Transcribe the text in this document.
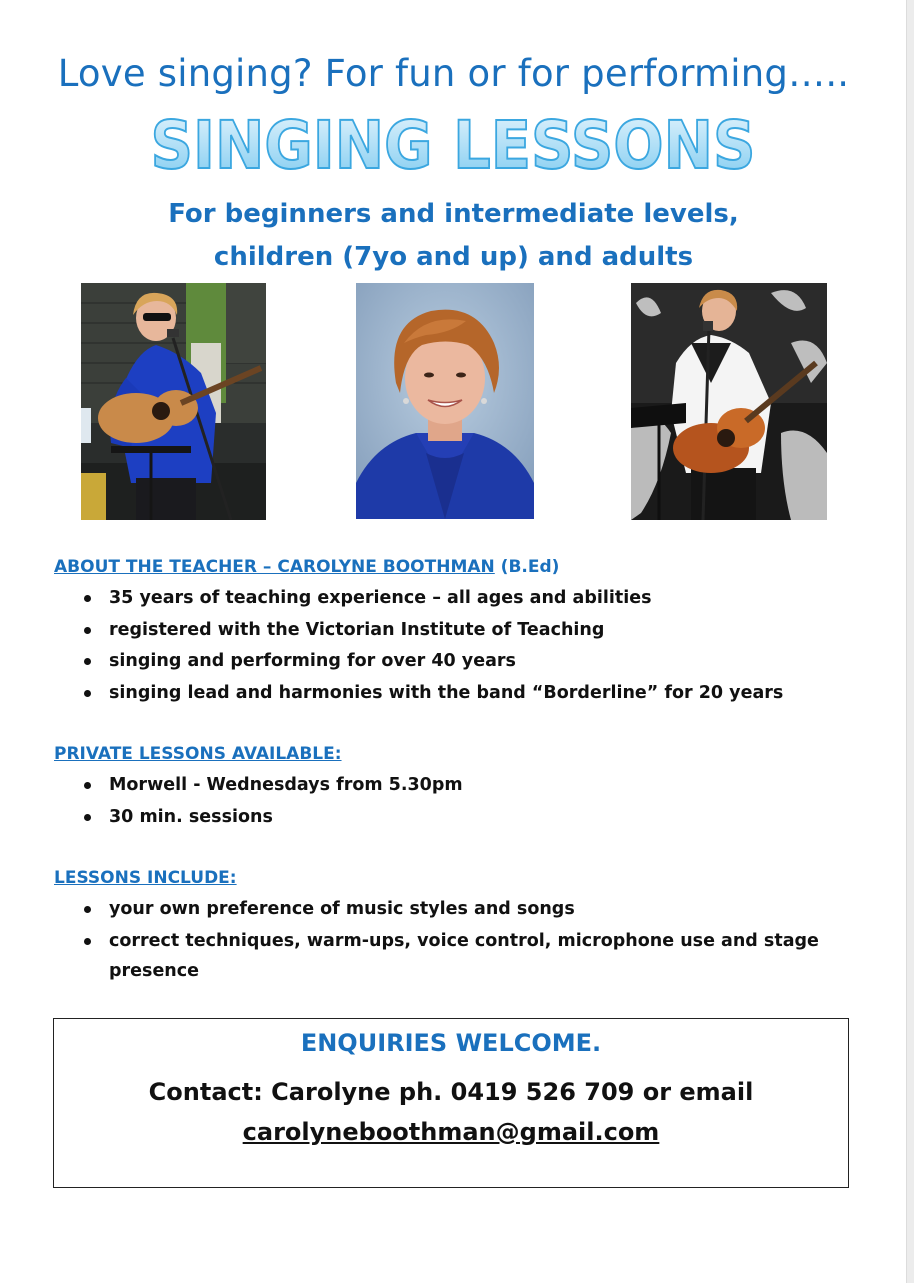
Love singing? For fun or for performing…..
SINGING LESSONS
For beginners and intermediate levels,
children (7yo and up) and adults
ABOUT THE TEACHER – CAROLYNE BOOTHMAN (B.Ed)
35 years of teaching experience – all ages and abilities
registered with the Victorian Institute of Teaching
singing and performing for over 40 years
singing lead and harmonies with the band “Borderline” for 20 years
PRIVATE LESSONS AVAILABLE:
Morwell - Wednesdays from 5.30pm
30 min. sessions
LESSONS INCLUDE:
your own preference of music styles and songs
correct techniques, warm-ups, voice control, microphone use and stage presence
ENQUIRIES WELCOME.
Contact: Carolyne ph. 0419 526 709 or email
carolyneboothman@gmail.com
